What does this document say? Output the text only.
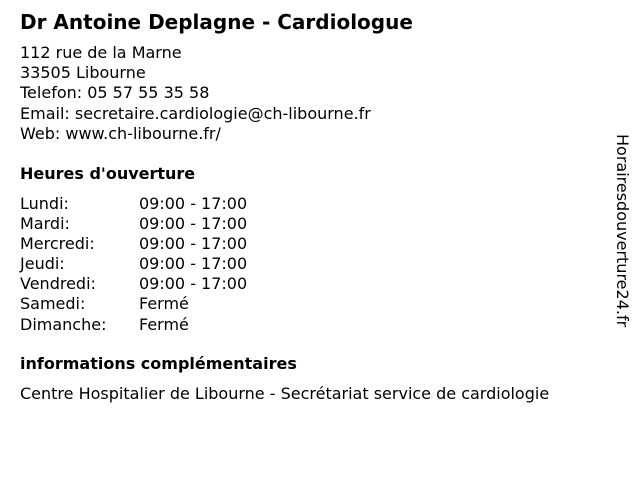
Dr Antoine Deplagne - Cardiologue
112 rue de la Marne
33505 Libourne
Telefon: 05 57 55 35 58
Email: secretaire.cardiologie@ch-libourne.fr
Web: www.ch-libourne.fr/
Heures d'ouverture
Lundi:	09:00 - 17:00
Mardi:	09:00 - 17:00
Mercredi:	09:00 - 17:00
Jeudi:	09:00 - 17:00
Vendredi:	09:00 - 17:00
Samedi:	Fermé
Dimanche: Fermé
informations complémentaires
Centre Hospitalier de Libourne - Secrétariat service de cardiologie
Horairesdouverture24.fr
